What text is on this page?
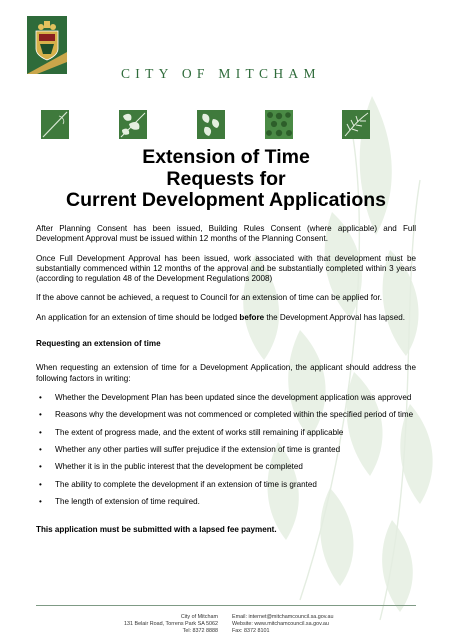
CITY OF MITCHAM
Extension of Time
Requests for
Current Development Applications

After Planning Consent has been issued, Building Rules Consent (where applicable) and Full Development Approval must be issued within 12 months of the Planning Consent.

Once Full Development Approval has been issued, work associated with that development must be substantially commenced within 12 months of the approval and be substantially completed within 3 years (according to regulation 48 of the Development Regulations 2008)

If the above cannot be achieved, a request to Council for an extension of time can be applied for.

An application for an extension of time should be lodged before the Development Approval has lapsed.

Requesting an extension of time

When requesting an extension of time for a Development Application, the applicant should address the following factors in writing:

• Whether the Development Plan has been updated since the development application was approved
• Reasons why the development was not commenced or completed within the specified period of time
• The extent of progress made, and the extent of works still remaining if applicable
• Whether any other parties will suffer prejudice if the extension of time is granted
• Whether it is in the public interest that the development be completed
• The ability to complete the development if an extension of time is granted
• The length of extension of time required.

This application must be submitted with a lapsed fee payment.

City of Mitcham
131 Belair Road, Torrens Park SA 5062
Tel: 8372 8888
Email: internet@mitchamcouncil.sa.gov.au
Website: www.mitchamcouncil.sa.gov.au
Fax: 8372 8101
